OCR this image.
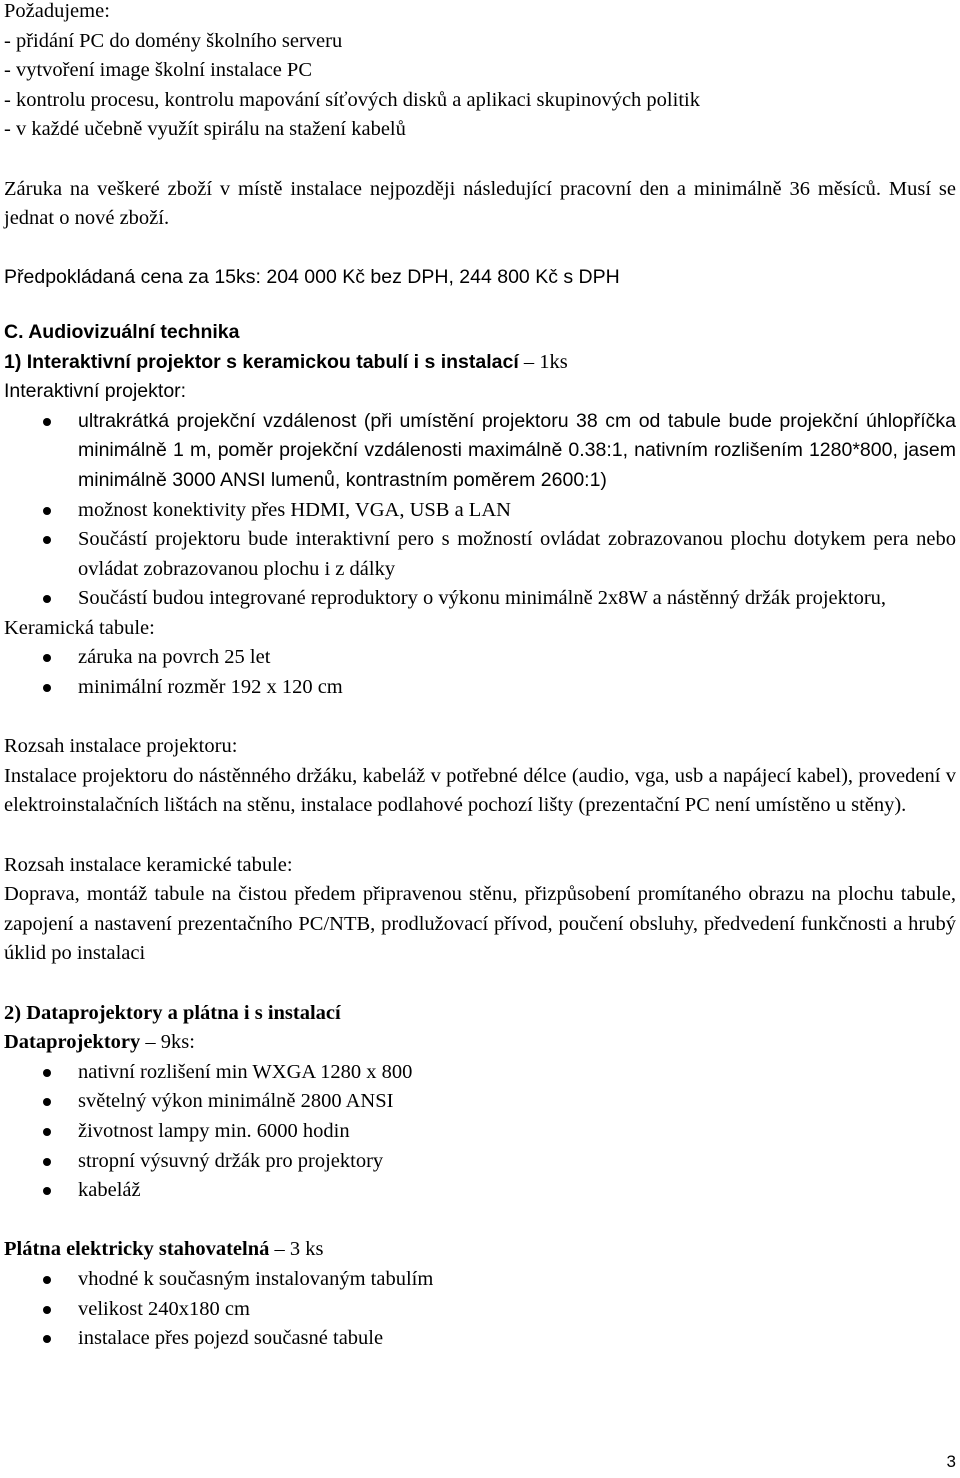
Požadujeme:

- přidání PC do domény školního serveru

- vytvoření image školní instalace PC

- kontrolu procesu, kontrolu mapování síťových disků a aplikaci skupinových politik

- v každé učebně využít spirálu na stažení kabelů

Záruka na veškeré zboží v místě instalace nejpozději následující pracovní den a minimálně 36 měsíců. Musí se jednat o nové zboží.

Předpokládaná cena za 15ks: 204 000 Kč bez DPH, 244 800 Kč s DPH

C. Audiovizuální technika

1) Interaktivní projektor s keramickou tabulí i s instalací – 1ks

Interaktivní projektor:

ultrakrátká projekční vzdálenost (při umístění projektoru 38 cm od tabule bude projekční úhlopříčka minimálně 1 m, poměr projekční vzdálenosti maximálně 0.38:1, nativním rozlišením 1280*800, jasem minimálně 3000 ANSI lumenů, kontrastním poměrem 2600:1)
možnost konektivity přes HDMI, VGA, USB a LAN
Součástí projektoru bude interaktivní pero s možností ovládat zobrazovanou plochu dotykem pera nebo ovládat zobrazovanou plochu i z dálky
Součástí budou integrované reproduktory o výkonu minimálně 2x8W a nástěnný držák projektoru,

Keramická tabule:

záruka na povrch 25 let
minimální rozměr 192 x 120 cm

Rozsah instalace projektoru:

Instalace projektoru do nástěnného držáku, kabeláž v potřebné délce (audio, vga, usb a napájecí kabel), provedení v elektroinstalačních lištách na stěnu, instalace podlahové pochozí lišty (prezentační PC není umístěno u stěny).

Rozsah instalace keramické tabule:

Doprava, montáž tabule na čistou předem připravenou stěnu, přizpůsobení promítaného obrazu na plochu tabule, zapojení a nastavení prezentačního PC/NTB, prodlužovací přívod, poučení obsluhy, předvedení funkčnosti a hrubý úklid po instalaci

2) Dataprojektory a plátna i s instalací

Dataprojektory – 9ks:

nativní rozlišení min WXGA 1280 x 800
světelný výkon minimálně 2800 ANSI
životnost lampy min. 6000 hodin
stropní výsuvný držák pro projektory
kabeláž

Plátna elektricky stahovatelná – 3 ks

vhodné k současným instalovaným tabulím
velikost 240x180 cm
instalace přes pojezd současné tabule
3
